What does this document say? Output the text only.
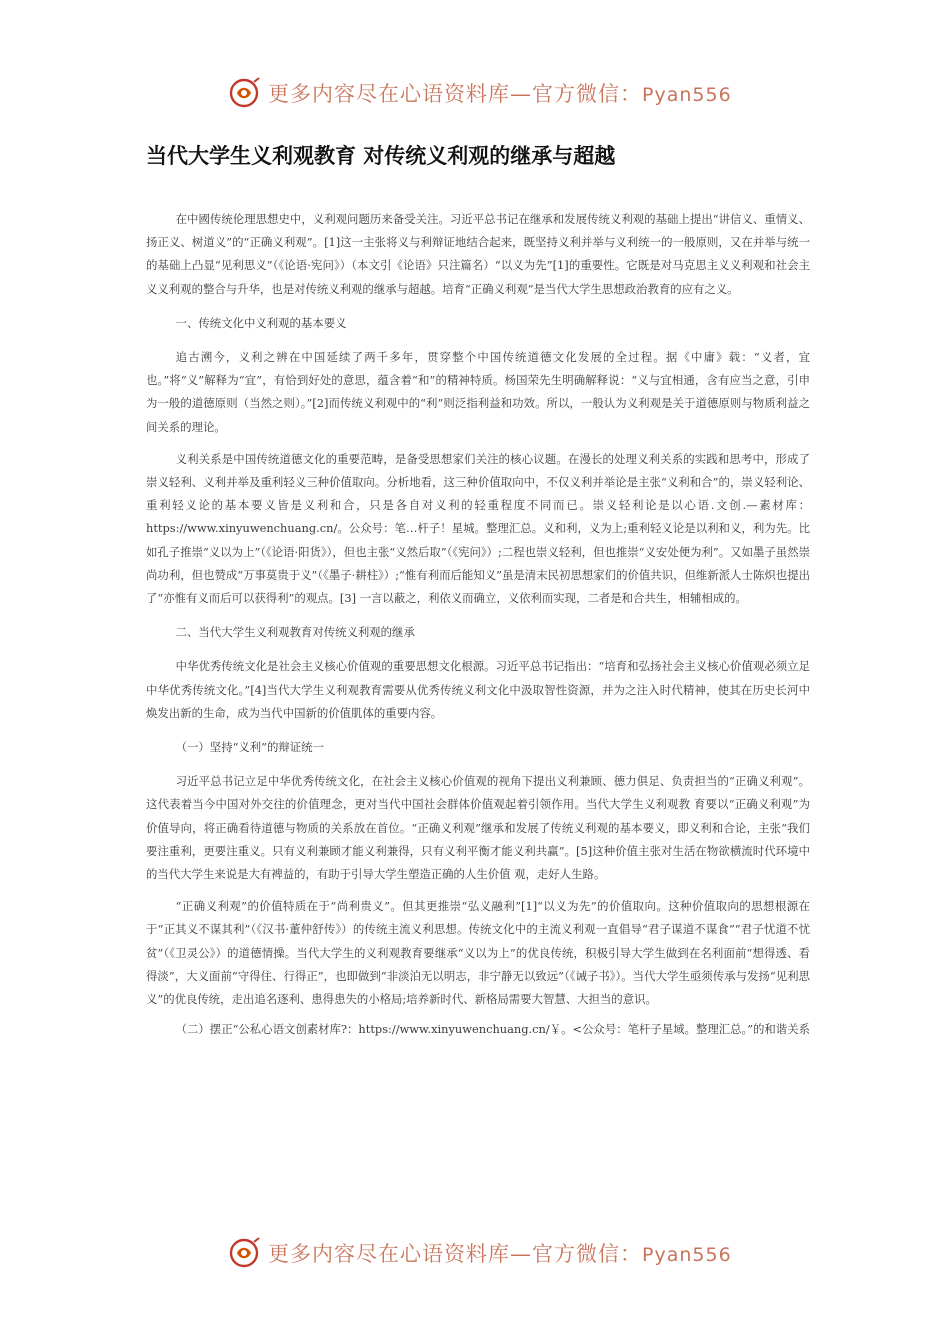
更多内容尽在心语资料库—官方微信：Pyan556
当代大学生义利观教育 对传统义利观的继承与超越

在中國传统伦理思想史中，义利观问题历来备受关注。习近平总书记在继承和发展传统义利观的基础上提出“讲信义、重情义、扬正义、树道义”的“正确义利观”。[1]这一主张将义与利辩证地结合起来，既坚持义利并举与义利统一的一般原则，又在并举与统一的基础上凸显“见利思义”（《论语·宪问》）（本文引《论语》只注篇名）“以义为先”[1]的重要性。它既是对马克思主义义利观和社会主义义利观的整合与升华，也是对传统义利观的继承与超越。培育“正确义利观”是当代大学生思想政治教育的应有之义。

一、传统文化中义利观的基本要义

追古溯今，义利之辨在中国延续了两千多年，贯穿整个中国传统道德文化发展的全过程。据《中庸》载：“义者，宜也。”将“义”解释为“宜”，有恰到好处的意思，蕴含着“和”的精神特质。杨国荣先生明确解释说：“义与宜相通，含有应当之意，引申为一般的道德原则（当然之则）。”[2]而传统义利观中的“利”则泛指利益和功效。所以，一般认为义利观是关于道德原则与物质利益之间关系的理论。

义利关系是中国传统道德文化的重要范畴，是备受思想家们关注的核心议题。在漫长的处理义利关系的实践和思考中，形成了崇义轻利、义利并举及重利轻义三种价值取向。分析地看，这三种价值取向中，不仅义利并举论是主张“义利和合”的，崇义轻利论、重利轻义论的基本要义皆是义利和合，只是各自对义利的轻重程度不同而已。崇义轻利论是以心语.文创.—素材库：https://www.xinyuwenchuang.cn/。公众号：笔…杆子！星城。整理汇总。义和利，义为上;重利轻义论是以利和义，利为先。比如孔子推崇“义以为上”（《论语·阳货》），但也主张“义然后取”（《宪问》）;二程也崇义轻利，但也推崇“义安处便为利”。又如墨子虽然崇尚功利，但也赞成“万事莫贵于义”（《墨子·耕柱》）;“惟有利而后能知义”虽是清末民初思想家们的价值共识，但维新派人士陈炽也提出了“亦惟有义而后可以获得利”的观点。[3] 一言以蔽之，利依义而确立，义依利而实现，二者是和合共生，相辅相成的。

二、当代大学生义利观教育对传统义利观的继承

中华优秀传统文化是社会主义核心价值观的重要思想文化根源。习近平总书记指出：“培育和弘扬社会主义核心价值观必须立足中华优秀传统文化。”[4]当代大学生义利观教育需要从优秀传统义利文化中汲取智性资源，并为之注入时代精神，使其在历史长河中焕发出新的生命，成为当代中国新的价值肌体的重要内容。

（一）坚持“义利”的辩证统一

习近平总书记立足中华优秀传统文化，在社会主义核心价值观的视角下提出义利兼顾、德力俱足、负责担当的“正确义利观”。这代表着当今中国对外交往的价值理念，更对当代中国社会群体价值观起着引领作用。当代大学生义利观教 育要以“正确义利观”为价值导向，将正确看待道德与物质的关系放在首位。“正确义利观”继承和发展了传统义利观的基本要义，即义利和合论，主张“我们要注重利，更要注重义。只有义利兼顾才能义利兼得，只有义利平衡才能义利共赢”。[5]这种价值主张对生活在物欲横流时代环境中的当代大学生来说是大有裨益的，有助于引导大学生塑造正确的人生价值 观，走好人生路。

“正确义利观”的价值特质在于“尚利贵义”。但其更推崇“弘义融利”[1]“以义为先”的价值取向。这种价值取向的思想根源在于“正其义不谋其利”（《汉书·董仲舒传》）的传统主流义利思想。传统文化中的主流义利观一直倡导“君子谋道不谋食”“君子忧道不忧贫”（《卫灵公》）的道德情操。当代大学生的义利观教育要继承“义以为上”的优良传统，积极引导大学生做到在名利面前“想得透、看得淡”，大义面前“守得住、行得正”，也即做到“非淡泊无以明志，非宁静无以致远”（《诫子书》）。当代大学生亟须传承与发扬“见利思义”的优良传统，走出追名逐利、患得患失的小格局;培养新时代、新格局需要大智慧、大担当的意识。

（二）摆正“公私心语文创素材库?：https://www.xinyuwenchuang.cn/￥。<公众号：笔杆子星域。整理汇总。”的和谐关系

更多内容尽在心语资料库—官方微信：Pyan556
